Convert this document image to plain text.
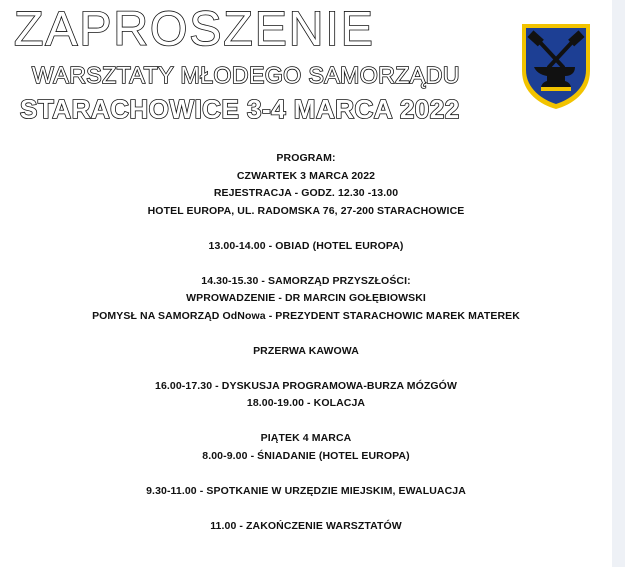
ZAPROSZENIE
WARSZTATY MŁODEGO SAMORZĄDU
STARACHOWICE 3-4 MARCA 2022
PROGRAM:
CZWARTEK 3 MARCA 2022
REJESTRACJA - GODZ. 12.30 -13.00
HOTEL EUROPA, UL. RADOMSKA 76, 27-200 STARACHOWICE
13.00-14.00 - OBIAD (HOTEL EUROPA)
14.30-15.30 - SAMORZĄD PRZYSZŁOŚCI:
WPROWADZENIE - DR MARCIN GOŁĘBIOWSKI
POMYSŁ NA SAMORZĄD OdNowa - PREZYDENT STARACHOWIC MAREK MATEREK
PRZERWA KAWOWA
16.00-17.30 - DYSKUSJA PROGRAMOWA-BURZA MÓZGÓW
18.00-19.00 - KOLACJA
PIĄTEK 4 MARCA
8.00-9.00 - ŚNIADANIE (HOTEL EUROPA)
9.30-11.00 - SPOTKANIE W URZĘDZIE MIEJSKIM, EWALUACJA
11.00 - ZAKOŃCZENIE WARSZTATÓW
